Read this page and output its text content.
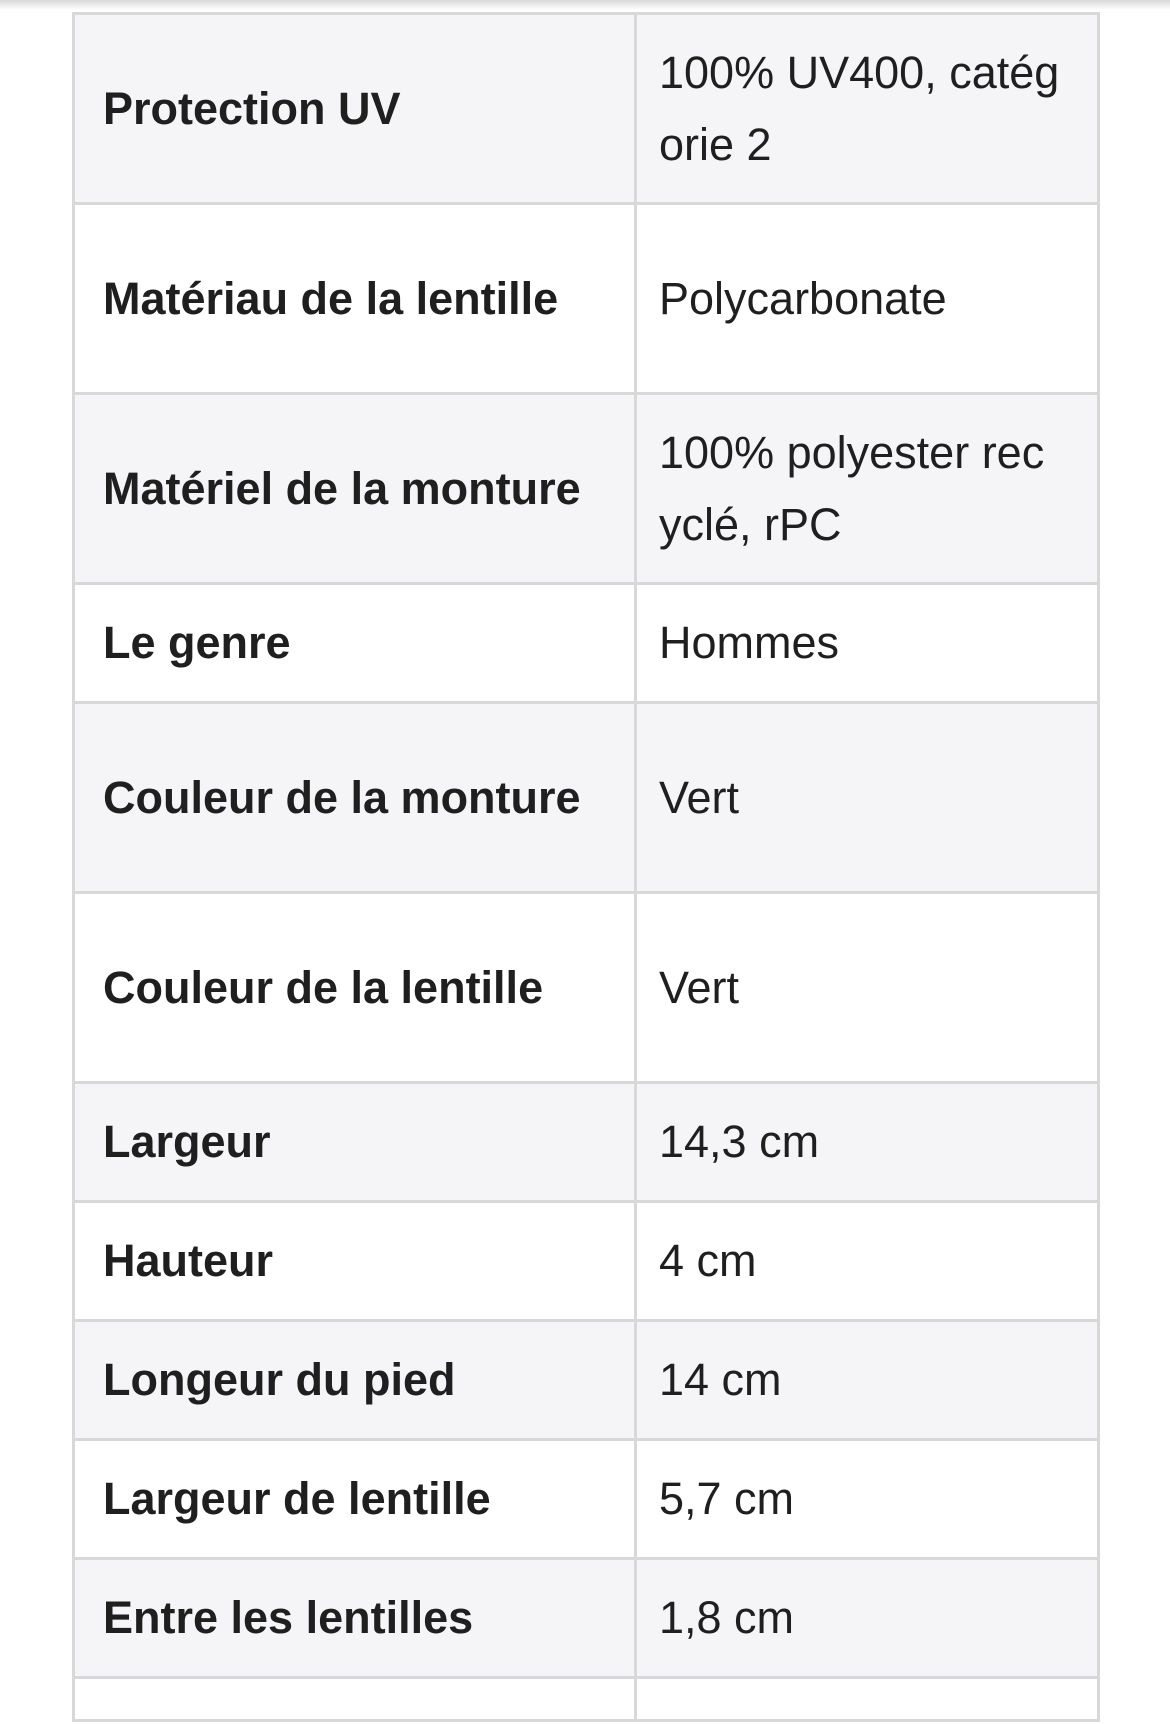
Protection UV	100% UV400, catég orie 2
Matériau de la lentille	Polycarbonate
Matériel de la monture	100% polyester rec yclé, rPC
Le genre	Hommes
Couleur de la monture	Vert
Couleur de la lentille	Vert
Largeur	14,3 cm
Hauteur	4 cm
Longeur du pied	14 cm
Largeur de lentille	5,7 cm
Entre les lentilles	1,8 cm
